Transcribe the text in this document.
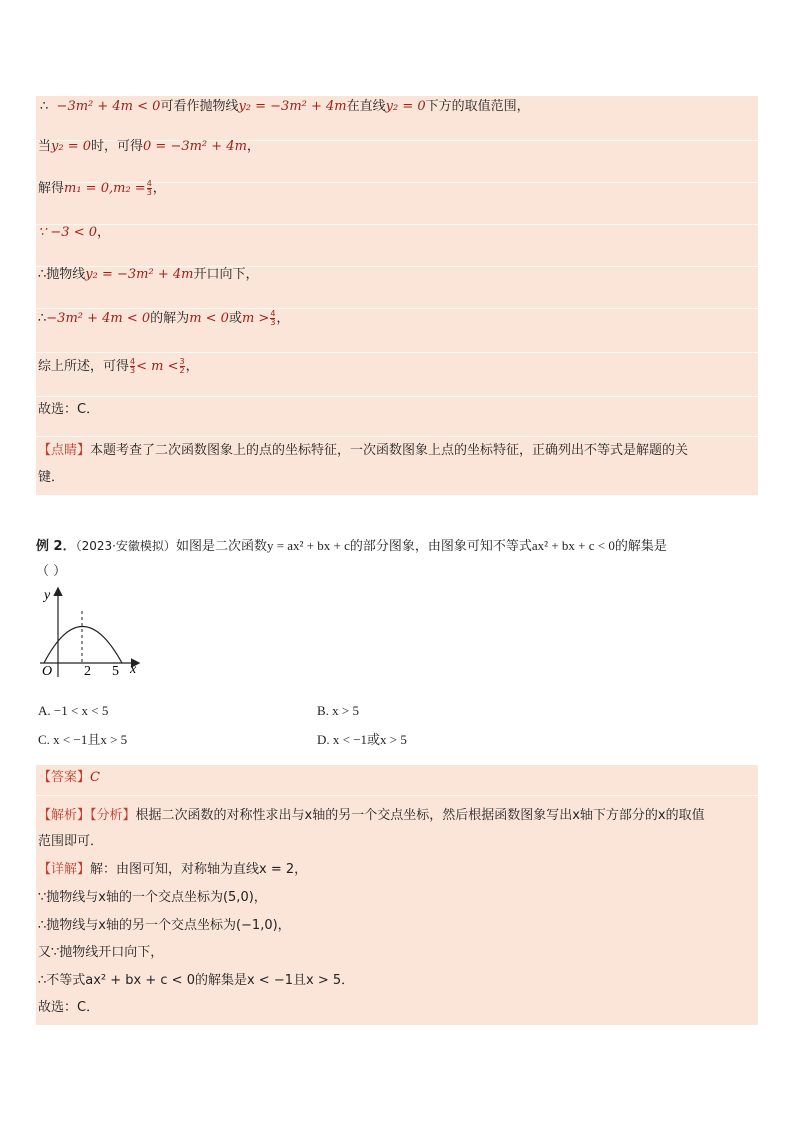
∴ −3m² + 4m < 0可看作抛物线y₂ = −3m² + 4m在直线y₂ = 0下方的取值范围，
当y₂ = 0时，可得0 = −3m² + 4m，
解得$m_1 = 0,m_2 = \frac{4}{3}$ ，
∵ −3 < 0，
∴抛物线y₂ = −3m² + 4m开口向下，
∴−3m² + 4m < 0的解为m < 0或$m > \frac{4}{3}$ ，
综上所述，可得 $\frac{4}{3} < m < \frac{3}{2}$ ，
故选：C．
【点睛】本题考查了二次函数图象上的点的坐标特征，一次函数图象上点的坐标特征，正确列出不等式是解题的关
键．
例 2．（2023·安徽模拟）如图是二次函数y = ax² + bx + c的部分图象，由图象可知不等式ax² + bx + c < 0的解集是
（ ）
y
x
O 2 5
A. −1 < x < 5	B. x > 5
C. x < −1且x > 5	D. x < −1或x > 5
【答案】C
【解析】【分析】根据二次函数的对称性求出与x轴的另一个交点坐标，然后根据函数图象写出x轴下方部分的x的取值
范围即可．
【详解】解：由图可知，对称轴为直线x = 2，
∵抛物线与x轴的一个交点坐标为(5,0)，
∴抛物线与x轴的另一个交点坐标为(−1,0)，
又∵抛物线开口向下，
∴不等式ax² + bx + c < 0的解集是x < −1且x > 5．
故选：C．
